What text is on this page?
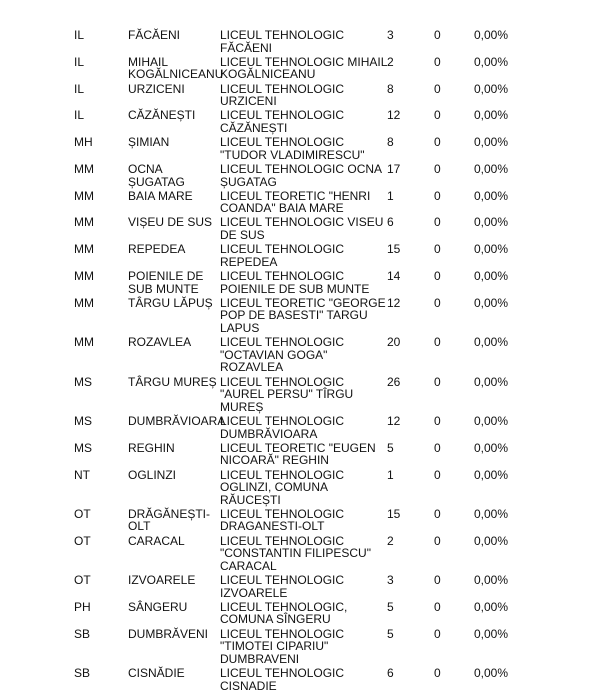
IL	FĂCĂENI	LICEUL TEHNOLOGIC FĂCĂENI	3	0	0,00%
IL	MIHAIL KOGĂLNICEANU	LICEUL TEHNOLOGIC MIHAIL KOGĂLNICEANU	2	0	0,00%
IL	URZICENI	LICEUL TEHNOLOGIC URZICENI	8	0	0,00%
IL	CĂZĂNEȘTI	LICEUL TEHNOLOGIC CĂZĂNEȘTI	12	0	0,00%
MH	ȘIMIAN	LICEUL TEHNOLOGIC "TUDOR VLADIMIRESCU"	8	0	0,00%
MM	OCNA ȘUGATAG	LICEUL TEHNOLOGIC OCNA ȘUGATAG	17	0	0,00%
MM	BAIA MARE	LICEUL TEORETIC "HENRI COANDA" BAIA MARE	1	0	0,00%
MM	VIȘEU DE SUS	LICEUL TEHNOLOGIC VISEU DE SUS	6	0	0,00%
MM	REPEDEA	LICEUL TEHNOLOGIC REPEDEA	15	0	0,00%
MM	POIENILE DE SUB MUNTE	LICEUL TEHNOLOGIC POIENILE DE SUB MUNTE	14	0	0,00%
MM	TÂRGU LĂPUȘ	LICEUL TEORETIC "GEORGE POP DE BASESTI" TARGU LAPUS	12	0	0,00%
MM	ROZAVLEA	LICEUL TEHNOLOGIC "OCTAVIAN GOGA" ROZAVLEA	20	0	0,00%
MS	TÂRGU MUREȘ	LICEUL TEHNOLOGIC "AUREL PERSU" TÎRGU MUREȘ	26	0	0,00%
MS	DUMBRĂVIOARA	LICEUL TEHNOLOGIC DUMBRĂVIOARA	12	0	0,00%
MS	REGHIN	LICEUL TEORETIC "EUGEN NICOARĂ" REGHIN	5	0	0,00%
NT	OGLINZI	LICEUL TEHNOLOGIC OGLINZI, COMUNA RĂUCEȘTI	1	0	0,00%
OT	DRĂGĂNEȘTI-OLT	LICEUL TEHNOLOGIC DRAGANESTI-OLT	15	0	0,00%
OT	CARACAL	LICEUL TEHNOLOGIC "CONSTANTIN FILIPESCU" CARACAL	2	0	0,00%
OT	IZVOARELE	LICEUL TEHNOLOGIC IZVOARELE	3	0	0,00%
PH	SÂNGERU	LICEUL TEHNOLOGIC, COMUNA SÎNGERU	5	0	0,00%
SB	DUMBRĂVENI	LICEUL TEHNOLOGIC "TIMOTEI CIPARIU" DUMBRAVENI	5	0	0,00%
SB	CISNĂDIE	LICEUL TEHNOLOGIC CISNADIE	6	0	0,00%
